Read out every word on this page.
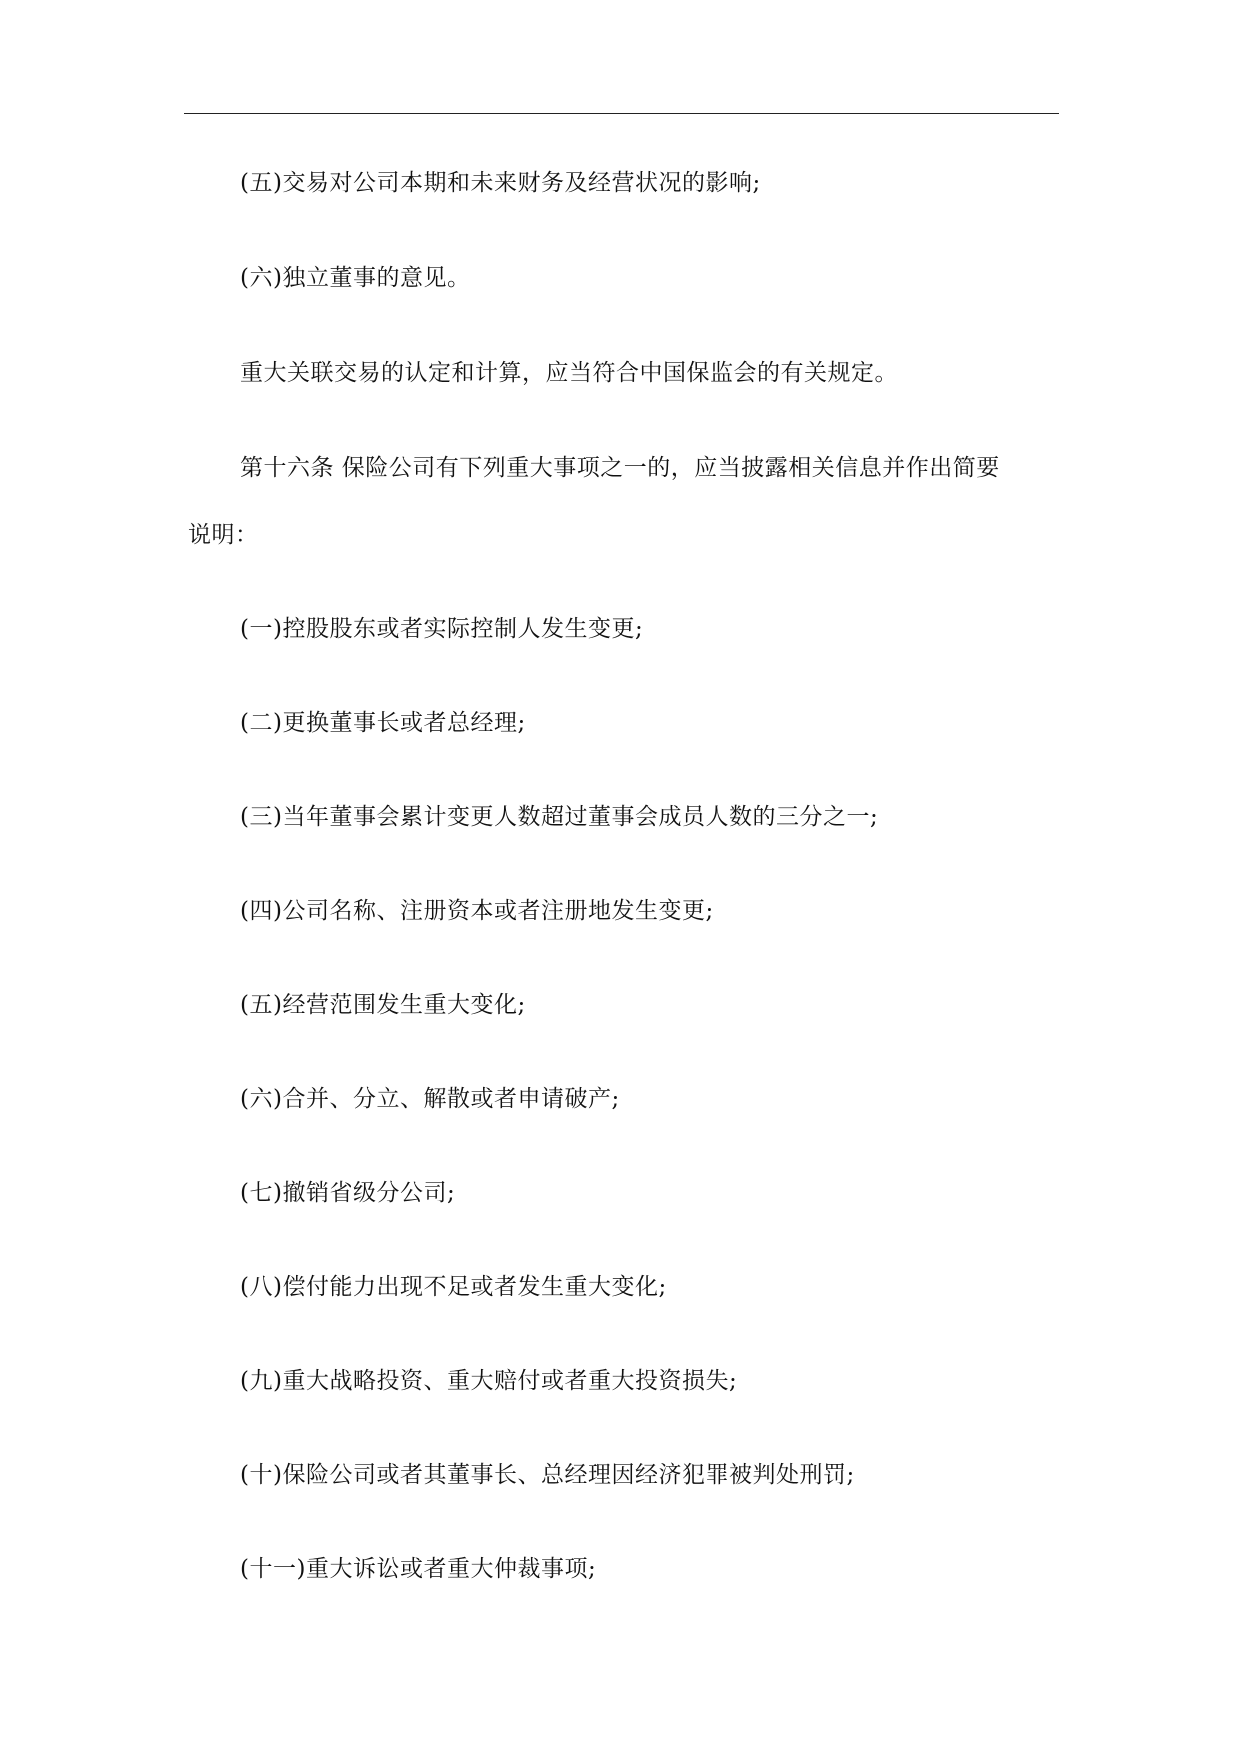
(五)交易对公司本期和未来财务及经营状况的影响;
(六)独立董事的意见。
重大关联交易的认定和计算，应当符合中国保监会的有关规定。
第十六条 保险公司有下列重大事项之一的，应当披露相关信息并作出简要
说明：
(一)控股股东或者实际控制人发生变更;
(二)更换董事长或者总经理;
(三)当年董事会累计变更人数超过董事会成员人数的三分之一;
(四)公司名称、注册资本或者注册地发生变更;
(五)经营范围发生重大变化;
(六)合并、分立、解散或者申请破产;
(七)撤销省级分公司;
(八)偿付能力出现不足或者发生重大变化;
(九)重大战略投资、重大赔付或者重大投资损失;
(十)保险公司或者其董事长、总经理因经济犯罪被判处刑罚;
(十一)重大诉讼或者重大仲裁事项;
